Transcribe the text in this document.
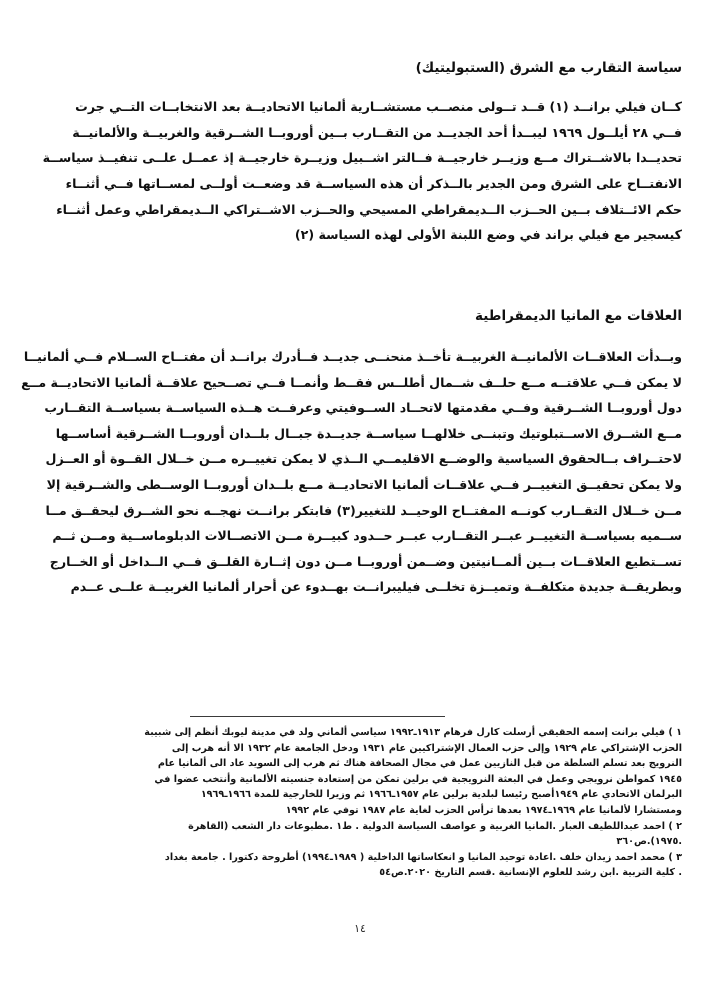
سياسة التقارب مع الشرق (الستبوليتيك)
كــان فيلي برانــد (١) قــد تــولى منصــب مستشــارية ألمانيا الاتحاديــة بعد الانتخابــات التــي جرت
فــي ٢٨ أيلــول ١٩٦٩ ليبــدأ أحد الجديــد من التقــارب بــين أوروبــا الشــرقية والغربيــة والألمانيــة
تحديــدا بالاشــتراك مــع وزيــر خارجيــة فــالتر اشــبيل وزيــرة خارجيــة إذ عمــل علــى تنفيــذ سياســة
الانفتــاح على الشرق ومن الجدير بالــذكر أن هذه السياســة قد وضعــت أولــى لمســاتها فــي أثنــاء
حكم الائــتلاف بــين الحــزب الــديمقراطي المسيحي والحــزب الاشــتراكي الــديمقراطي وعمل أثنــاء
كيسجير مع فيلي براند في وضع اللبنة الأولى لهذه السياسة (٢)
العلاقات مع المانيا الديمقراطية
وبــدأت العلاقــات الألمانيــة الغربيــة تأخــذ منحنــى جديــد فــأدرك برانــد أن مفتــاح الســلام فــي ألمانيــا
لا يمكن فــي علاقتــه مــع حلــف شــمال أطلــس فقــط وأنمــا فــي تصــحيح علاقــة ألمانيا الاتحاديــة مــع
دول أوروبــا الشــرقية وفــي مقدمتها لاتحــاد الســوفيتي وعرفــت هــذه السياســة بسياســة التقــارب
مــع الشــرق الاســتبلوتيك وتبنــى خلالهــا سياســة جديــدة جبــال بلــدان أوروبــا الشــرقية أساســها
لاحتــراف بــالحقوق السياسية والوضــع الاقليمــي الــذي لا يمكن تغييــره مــن خــلال القــوة أو العــزل
ولا يمكن تحقيــق التغييــر فــي علاقــات ألمانيا الاتحاديــة مــع بلــدان أوروبــا الوســطى والشــرقية إلا
مــن خــلال التقــارب كونــه المفتــاح الوحيــد للتغيير(٣) فابتكر برانــت نهجــه نحو الشــرق ليحقــق مــا
ســميه بسياســة التغييــر عبــر التقــارب عبــر حــدود كبيــرة مــن الاتصــالات الدبلوماســية ومــن ثــم
تســتطيع العلاقــات بــين ألمــانيتين وضــمن أوروبــا مــن دون إثــارة القلــق فــي الــداخل أو الخــارج
وبطريقــة جديدة متكلفــة وتميــزة تخلــى فيليبرانــت بهــدوء عن أحرار ألمانيا الغربيــة علــى عــدم
١ ) فيلي برانت إسمه الحقيقي أرسلت كارل فرهام ١٩١٣ـ١٩٩٢ سياسي ألماني ولد في مدينة ليوبك أنظم إلى شبيبة
الحزب الإشتراكي عام ١٩٢٩ وإلى حزب العمال الإشتراكيين عام ١٩٣١ ودخل الجامعة عام ١٩٣٢ الا أنه هرب إلى
النرويج بعد تسلم السلطة من قبل النازيين عمل في مجال الصحافة هناك ثم هرب إلى السويد عاد الى ألمانيا عام
١٩٤٥ كمواطن نرويجي وعمل في البعثة النرويجية في برلين تمكن من إستعادة جنسيته الألمانية وأنتخب عضوا في
البرلمان الاتحادي عام ١٩٤٩أصبح رئيسا لبلدية برلين عام ١٩٥٧ـ١٩٦٦ ثم وزيرا للخارجية للمدة ١٩٦٦ـ١٩٦٩
ومستشارا لألمانيا عام ١٩٦٩ـ١٩٧٤ بعدها ترأس الحزب لغاية عام ١٩٨٧ توفي عام ١٩٩٢
٢ ) احمد عبداللطيف العبار .المانيا الغربية و عواصف السياسة الدولية . ط١ .مطبوعات دار الشعب (القاهرة
.١٩٧٥).ص٣٦٠
٣ ) محمد احمد زيدان خلف .اعادة توحيد المانيا و انعكاساتها الداخلية ( ١٩٨٩ـ١٩٩٤) أطروحة دكتورا . جامعة بغداد
. كلية التربية .ابن رشد للعلوم الإنسانية .قسم التاريخ ٢٠٢٠.ص٥٤
١٤
